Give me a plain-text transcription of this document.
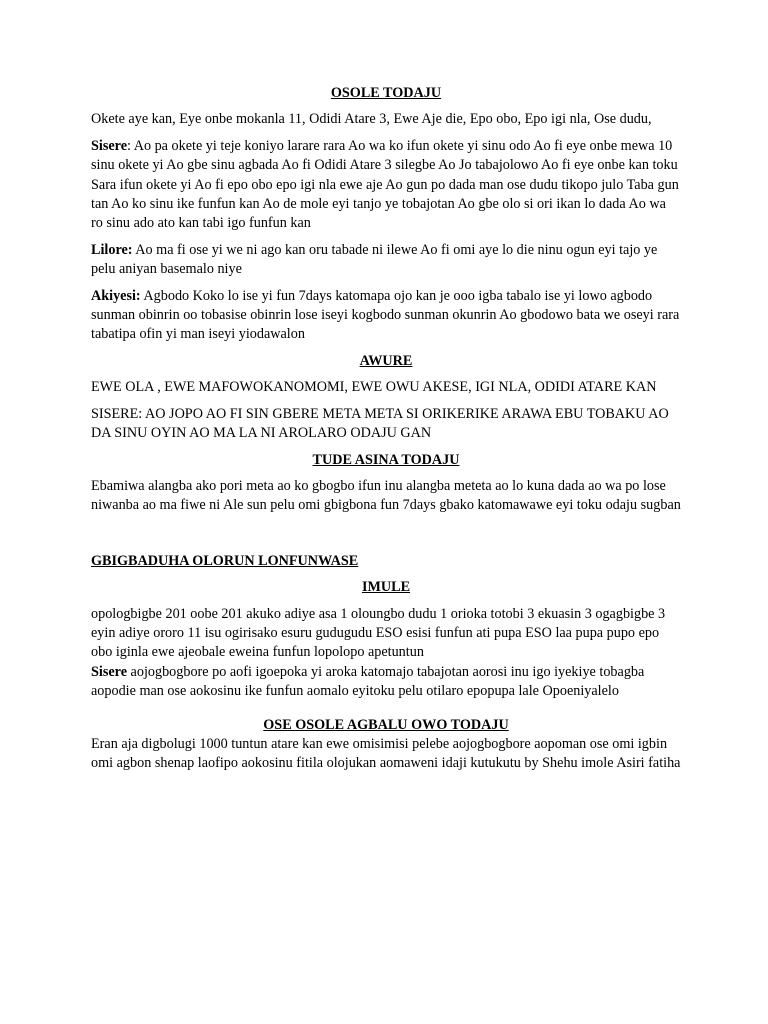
OSOLE TODAJU

Okete aye kan, Eye onbe mokanla 11, Odidi Atare 3, Ewe Aje die, Epo obo, Epo igi nla, Ose dudu,

Sisere: Ao pa okete yi teje koniyo larare rara Ao wa ko ifun okete yi sinu odo Ao fi eye onbe mewa 10 sinu okete yi Ao gbe sinu agbada Ao fi Odidi Atare 3 silegbe Ao Jo tabajolowo Ao fi eye onbe kan toku Sara ifun okete yi Ao fi epo obo epo igi nla ewe aje Ao gun po dada man ose dudu tikopo julo Taba gun tan Ao ko sinu ike funfun kan Ao de mole eyi tanjo ye tobajotan Ao gbe olo si ori ikan lo dada Ao wa ro sinu ado ato kan tabi igo funfun kan

Lilore: Ao ma fi ose yi we ni ago kan oru tabade ni ilewe Ao fi omi aye lo die ninu ogun eyi tajo ye pelu aniyan basemalo niye

Akiyesi: Agbodo Koko lo ise yi fun 7days katomapa ojo kan je ooo igba tabalo ise yi lowo agbodo sunman obinrin oo tobasise obinrin lose iseyi kogbodo sunman okunrin Ao gbodowo bata we oseyi rara tabatipa ofin yi man iseyi yiodawalon

AWURE

EWE OLA , EWE MAFOWOKANOMOMI, EWE OWU AKESE, IGI NLA, ODIDI ATARE KAN

SISERE: AO JOPO AO FI SIN GBERE META META SI ORIKERIKE ARAWA EBU TOBAKU AO DA SINU OYIN AO MA LA NI AROLARO ODAJU GAN

TUDE ASINA TODAJU

Ebamiwa alangba ako pori meta ao ko gbogbo ifun inu alangba meteta ao lo kuna dada ao wa po lose niwanba ao ma fiwe ni Ale sun pelu omi gbigbona fun 7days gbako katomawawe eyi toku odaju sugban

GBIGBADUHA OLORUN LONFUNWASE
IMULE

opologbigbe 201 oobe 201 akuko adiye asa 1 oloungbo dudu 1 orioka totobi 3 ekuasin 3 ogagbigbe 3 eyin adiye ororo 11 isu ogirisako esuru gudugudu ESO esisi funfun ati pupa ESO laa pupa pupo epo obo iginla ewe ajeobale eweina funfun lopolopo apetuntun

Sisere aojogbogbore po aofi igoepoka yi aroka katomajo tabajotan aorosi inu igo iyekiye tobagba aopodie man ose aokosinu ike funfun aomalo eyitoku pelu otilaro epopupa lale Opoeniyalelo

OSE OSOLE AGBALU OWO TODAJU

Eran aja digbolugi 1000 tuntun atare kan ewe omisimisi pelebe aojogbogbore aopoman ose omi igbin omi agbon shenap laofipo aokosinu fitila olojukan aomaweni idaji kutukutu by Shehu imole Asiri fatiha
